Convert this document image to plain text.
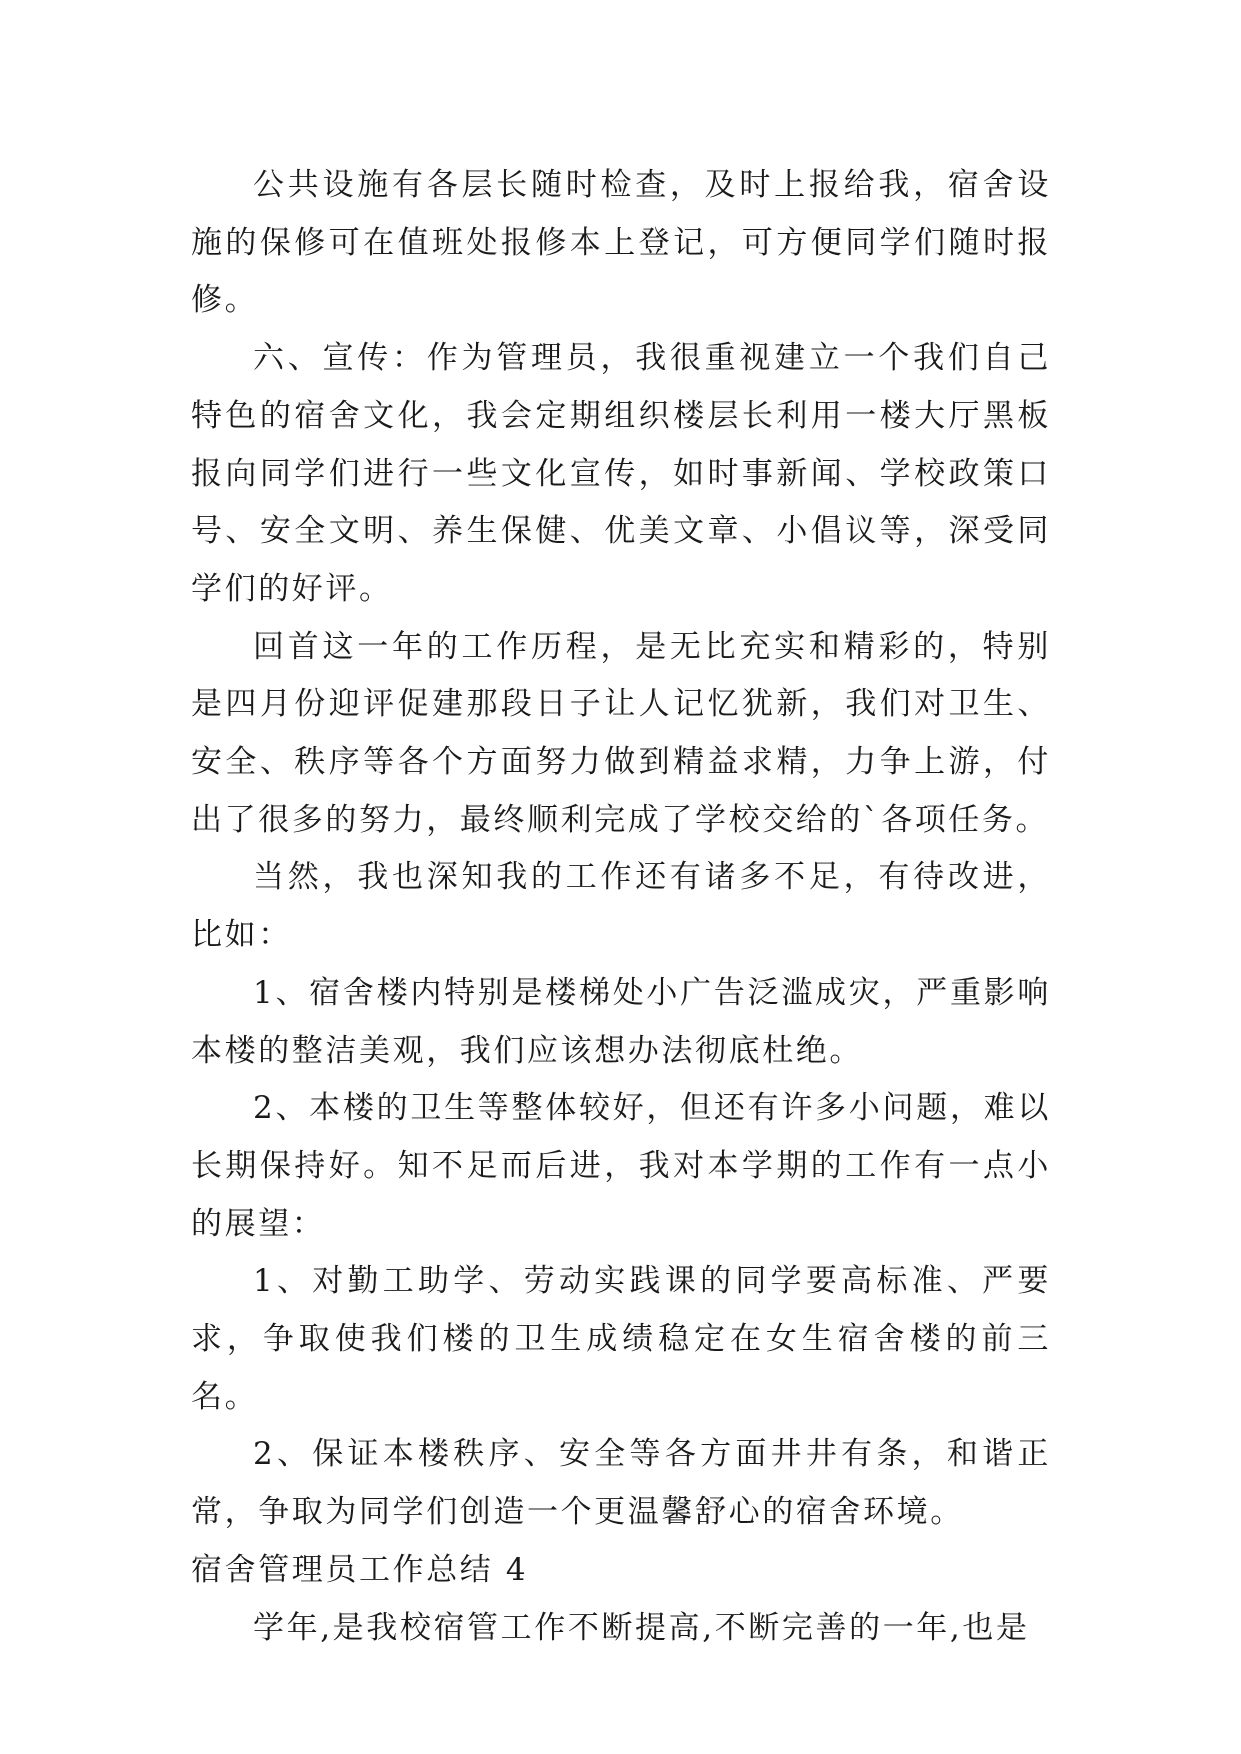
公共设施有各层长随时检查，及时上报给我，宿舍设施的保修可在值班处报修本上登记，可方便同学们随时报修。

六、宣传：作为管理员，我很重视建立一个我们自己特色的宿舍文化，我会定期组织楼层长利用一楼大厅黑板报向同学们进行一些文化宣传，如时事新闻、学校政策口号、安全文明、养生保健、优美文章、小倡议等，深受同学们的好评。

回首这一年的工作历程，是无比充实和精彩的，特别是四月份迎评促建那段日子让人记忆犹新，我们对卫生、安全、秩序等各个方面努力做到精益求精，力争上游，付出了很多的努力，最终顺利完成了学校交给的`各项任务。

当然，我也深知我的工作还有诸多不足，有待改进，比如：

1、宿舍楼内特别是楼梯处小广告泛滥成灾，严重影响本楼的整洁美观，我们应该想办法彻底杜绝。

2、本楼的卫生等整体较好，但还有许多小问题，难以长期保持好。知不足而后进，我对本学期的工作有一点小的展望：

1、对勤工助学、劳动实践课的同学要高标准、严要求，争取使我们楼的卫生成绩稳定在女生宿舍楼的前三名。

2、保证本楼秩序、安全等各方面井井有条，和谐正常，争取为同学们创造一个更温馨舒心的宿舍环境。

宿舍管理员工作总结 4

学年,是我校宿管工作不断提高,不断完善的一年,也是
